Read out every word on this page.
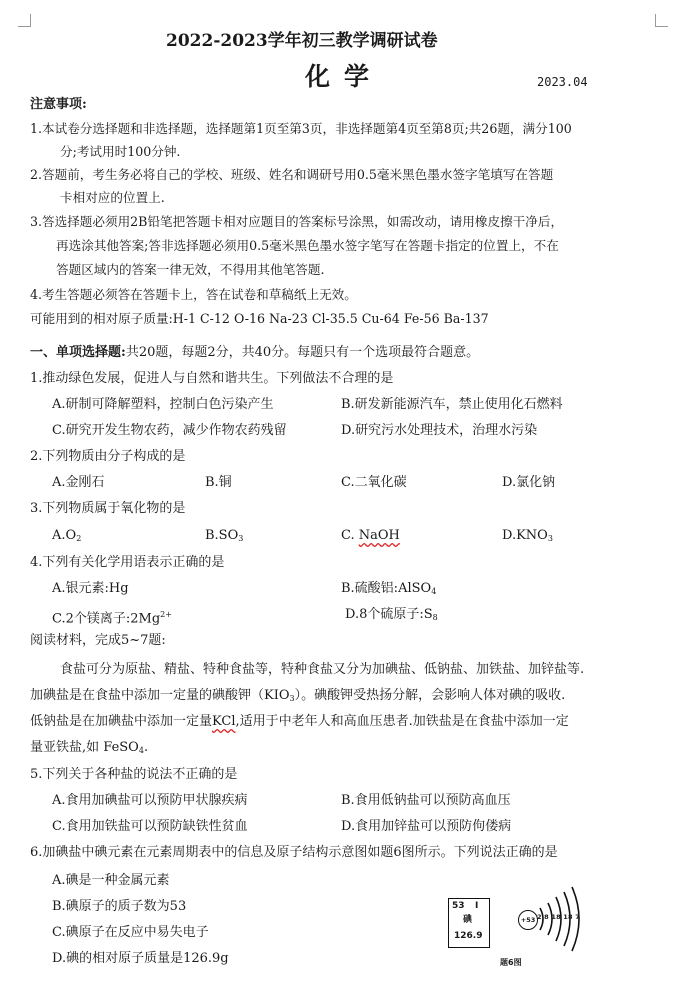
2022-2023学年初三教学调研试卷
化学	2023.04
注意事项:
1.本试卷分选择题和非选择题，选择题第1页至第3页，非选择题第4页至第8页;共26题，满分100
分;考试用时100分钟.
2.答题前，考生务必将自己的学校、班级、姓名和调研号用0.5毫米黑色墨水签字笔填写在答题
卡相对应的位置上.
3.答选择题必须用2B铅笔把答题卡相对应题目的答案标号涂黑，如需改动，请用橡皮擦干净后，
再选涂其他答案;答非选择题必须用0.5毫米黑色墨水签字笔写在答题卡指定的位置上，不在
答题区域内的答案一律无效，不得用其他笔答题.
4.考生答题必须答在答题卡上，答在试卷和草稿纸上无效。
可能用到的相对原子质量:H-1 C-12 O-16 Na-23 Cl-35.5 Cu-64 Fe-56 Ba-137
一、单项选择题:共20题，每题2分，共40分。每题只有一个选项最符合题意。
1.推动绿色发展，促进人与自然和谐共生。下列做法不合理的是
A.研制可降解塑料，控制白色污染产生	B.研发新能源汽车，禁止使用化石燃料
C.研究开发生物农药，减少作物农药残留	D.研究污水处理技术，治理水污染
2.下列物质由分子构成的是
A.金刚石	B.铜	C.二氧化碳	D.氯化钠
3.下列物质属于氧化物的是
$A.O_2$	$B.SO_3$	C. NaOH	$D.KNO_3$
4.下列有关化学用语表示正确的是
A.银元素:Hg	B.硫酸铝:AlSO$_4$
C.2个镁离子$:2Mg^{2+}$	D.8个硫原子$:S_8$
阅读材料，完成5~7题:
食盐可分为原盐、精盐、特种食盐等，特种食盐又分为加碘盐、低钠盐、加铁盐、加锌盐等.
加碘盐是在食盐中添加一定量的碘酸钾$(KIO_3)$。碘酸钾受热扬分解，会影响人体对碘的吸收.
低钠盐是在加碘盐中添加一定量KCl,适用于中老年人和高血压患者.加铁盐是在食盐中添加一定
量亚铁盐,如 FeSO$_4$.
5.下列关于各种盐的说法不正确的是
A.食用加碘盐可以预防甲状腺疾病	B.食用低钠盐可以预防高血压
C.食用加铁盐可以预防缺铁性贫血	D.食用加锌盐可以预防佝偻病
6.加碘盐中碘元素在元素周期表中的信息及原子结构示意图如题6图所示。下列说法正确的是
A.碘是一种金属元素
B.碘原子的质子数为53
C.碘原子在反应中易失电子
D.碘的相对原子质量是126.9g
53 I
碘
126.9
+53 2 8 18 18 7
题6图
